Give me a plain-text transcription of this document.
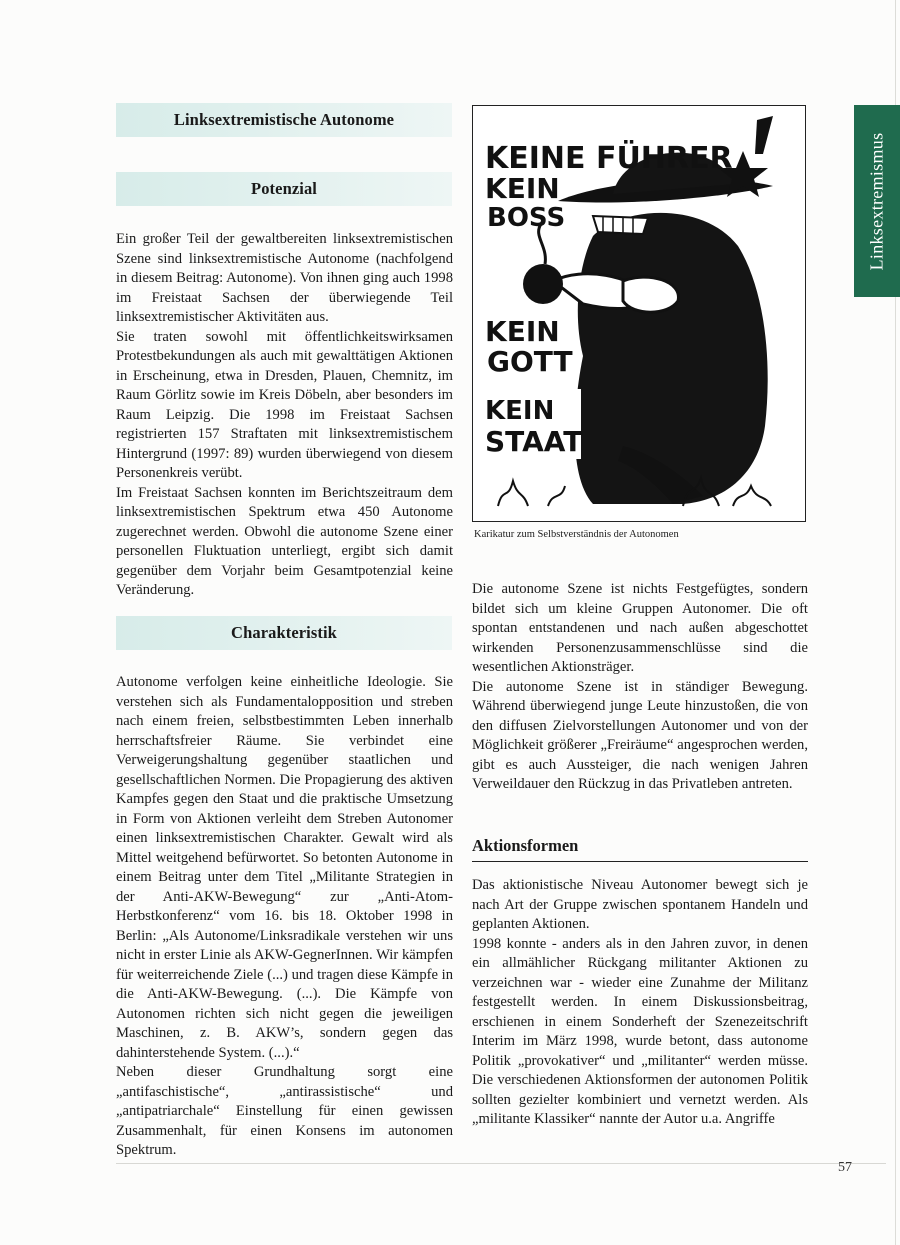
Linksextremismus
Linksextremistische Autonome
Potenzial

Ein großer Teil der gewaltbereiten linksextremistischen Szene sind linksextremistische Autonome (nachfolgend in diesem Beitrag: Autonome). Von ihnen ging auch 1998 im Freistaat Sachsen der überwiegende Teil linksextremistischer Aktivitäten aus.

Sie traten sowohl mit öffentlichkeitswirksamen Protestbekundungen als auch mit gewalttätigen Aktionen in Erscheinung, etwa in Dresden, Plauen, Chemnitz, im Raum Görlitz sowie im Kreis Döbeln, aber besonders im Raum Leipzig. Die 1998 im Freistaat Sachsen registrierten 157 Straftaten mit linksextremistischem Hintergrund (1997: 89) wurden überwiegend von diesem Personenkreis verübt.

Im Freistaat Sachsen konnten im Berichtszeitraum dem linksextremistischen Spektrum etwa 450 Autonome zugerechnet werden. Obwohl die autonome Szene einer personellen Fluktuation unterliegt, ergibt sich damit gegenüber dem Vorjahr beim Gesamtpotenzial keine Veränderung.

Charakteristik

Autonome verfolgen keine einheitliche Ideologie. Sie verstehen sich als Fundamentalopposition und streben nach einem freien, selbstbestimmten Leben innerhalb herrschaftsfreier Räume. Sie verbindet eine Verweigerungshaltung gegenüber staatlichen und gesellschaftlichen Normen. Die Propagierung des aktiven Kampfes gegen den Staat und die praktische Umsetzung in Form von Aktionen verleiht dem Streben Autonomer einen linksextremistischen Charakter. Gewalt wird als Mittel weitgehend befürwortet. So betonten Autonome in einem Beitrag unter dem Titel „Militante Strategien in der Anti-AKW-Bewegung“ zur „Anti-Atom-Herbstkonferenz“ vom 16. bis 18. Oktober 1998 in Berlin: „Als Autonome/Linksradikale verstehen wir uns nicht in erster Linie als AKW-GegnerInnen. Wir kämpfen für weiterreichende Ziele (...) und tragen diese Kämpfe in die Anti-AKW-Bewegung. (...). Die Kämpfe von Autonomen richten sich nicht gegen die jeweiligen Maschinen, z. B. AKW’s, sondern gegen das dahinterstehende System. (...).“

Neben dieser Grundhaltung sorgt eine „antifaschistische“, „antirassistische“ und „antipatriarchale“ Einstellung für einen gewissen Zusammenhalt, für einen Konsens im autonomen Spektrum.

KEINE FÜHRER
KEIN
BOSS
KEIN
GOTT
KEIN
STAAT
Karikatur zum Selbstverständnis der Autonomen

Die autonome Szene ist nichts Festgefügtes, sondern bildet sich um kleine Gruppen Autonomer. Die oft spontan entstandenen und nach außen abgeschottet wirkenden Personenzusammenschlüsse sind die wesentlichen Aktionsträger.

Die autonome Szene ist in ständiger Bewegung. Während überwiegend junge Leute hinzustoßen, die von den diffusen Zielvorstellungen Autonomer und von der Möglichkeit größerer „Freiräume“ angesprochen werden, gibt es auch Aussteiger, die nach wenigen Jahren Verweildauer den Rückzug in das Privatleben antreten.

Aktionsformen

Das aktionistische Niveau Autonomer bewegt sich je nach Art der Gruppe zwischen spontanem Handeln und geplanten Aktionen.

1998 konnte - anders als in den Jahren zuvor, in denen ein allmählicher Rückgang militanter Aktionen zu verzeichnen war - wieder eine Zunahme der Militanz festgestellt werden. In einem Diskussionsbeitrag, erschienen in einem Sonderheft der Szenezeitschrift Interim im März 1998, wurde betont, dass autonome Politik „provokativer“ und „militanter“ werden müsse. Die verschiedenen Aktionsformen der autonomen Politik sollten gezielter kombiniert und vernetzt werden. Als „militante Klassiker“ nannte der Autor u.a. Angriffe

57
